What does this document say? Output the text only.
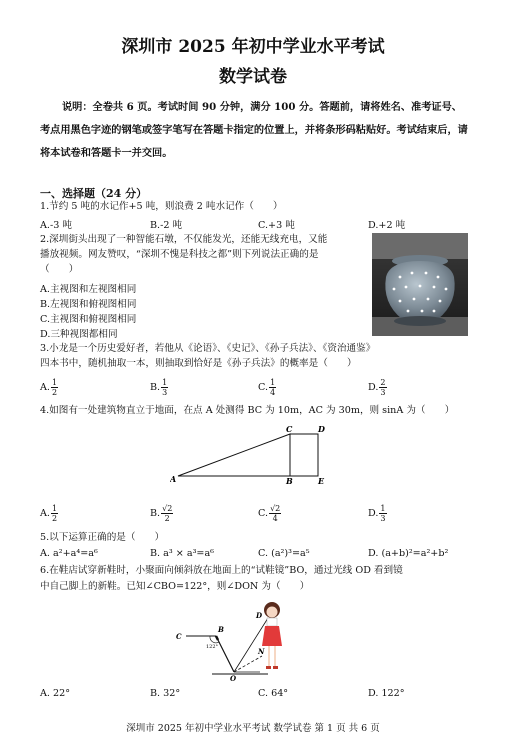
深圳市 2025 年初中学业水平考试
数学试卷
说明：全卷共 6 页。考试时间 90 分钟，满分 100 分。答题前，请将姓名、准考证号、考点用黑色字迹的钢笔或签字笔写在答题卡指定的位置上，并将条形码粘贴好。考试结束后，请将本试卷和答题卡一并交回。
一、选择题（24 分）
1.节约 5 吨的水记作+5 吨，则浪费 2 吨水记作（　　）
A.-3 吨	B.-2 吨	C.+3 吨	D.+2 吨
2.深圳街头出现了一种智能石墩，不仅能发光，还能无线充电，又能
播放视频。网友赞叹，“深圳不愧是科技之都”则下列说法正确的是
（　　）
A.主视图和左视图相同
B.左视图和俯视图相同
C.主视图和俯视图相同
D.三种视图都相同
3.小龙是一个历史爱好者，若他从《论语》、《史记》、《孙子兵法》、《资治通鉴》
四本书中，随机抽取一本，则抽取到恰好是《孙子兵法》的概率是（　　）
A. $\frac{1}{2}$	B. $\frac{1}{3}$	C. $\frac{1}{4}$	D. $\frac{2}{3}$
4.如图有一处建筑物直立于地面，在点 A 处测得 BC 为 10m，AC 为 30m，则 sinA 为（　　）
A	B
C	D
E
A. $\frac{1}{2}$	B. $\frac{√2}{2}$	C. $\frac{√2}{4}$	D. $\frac{1}{3}$
5.以下运算正确的是（　　）
A. a²+a⁴=a⁶	B. a³ × a³=a⁶	C. (a²)³=a⁵	D. (a+b)²=a²+b²
6.在鞋店试穿新鞋时，小聚面向倾斜放在地面上的“试鞋镜”BO，通过光线 OD 看到镜
中自己脚上的新鞋。已知∠CBO=122°，则∠DON 为（　　）
C
B
122°
O
N
D
A. 22°	B. 32°	C. 64°	D. 122°
深圳市 2025 年初中学业水平考试 数学试卷 第 1 页 共 6 页
